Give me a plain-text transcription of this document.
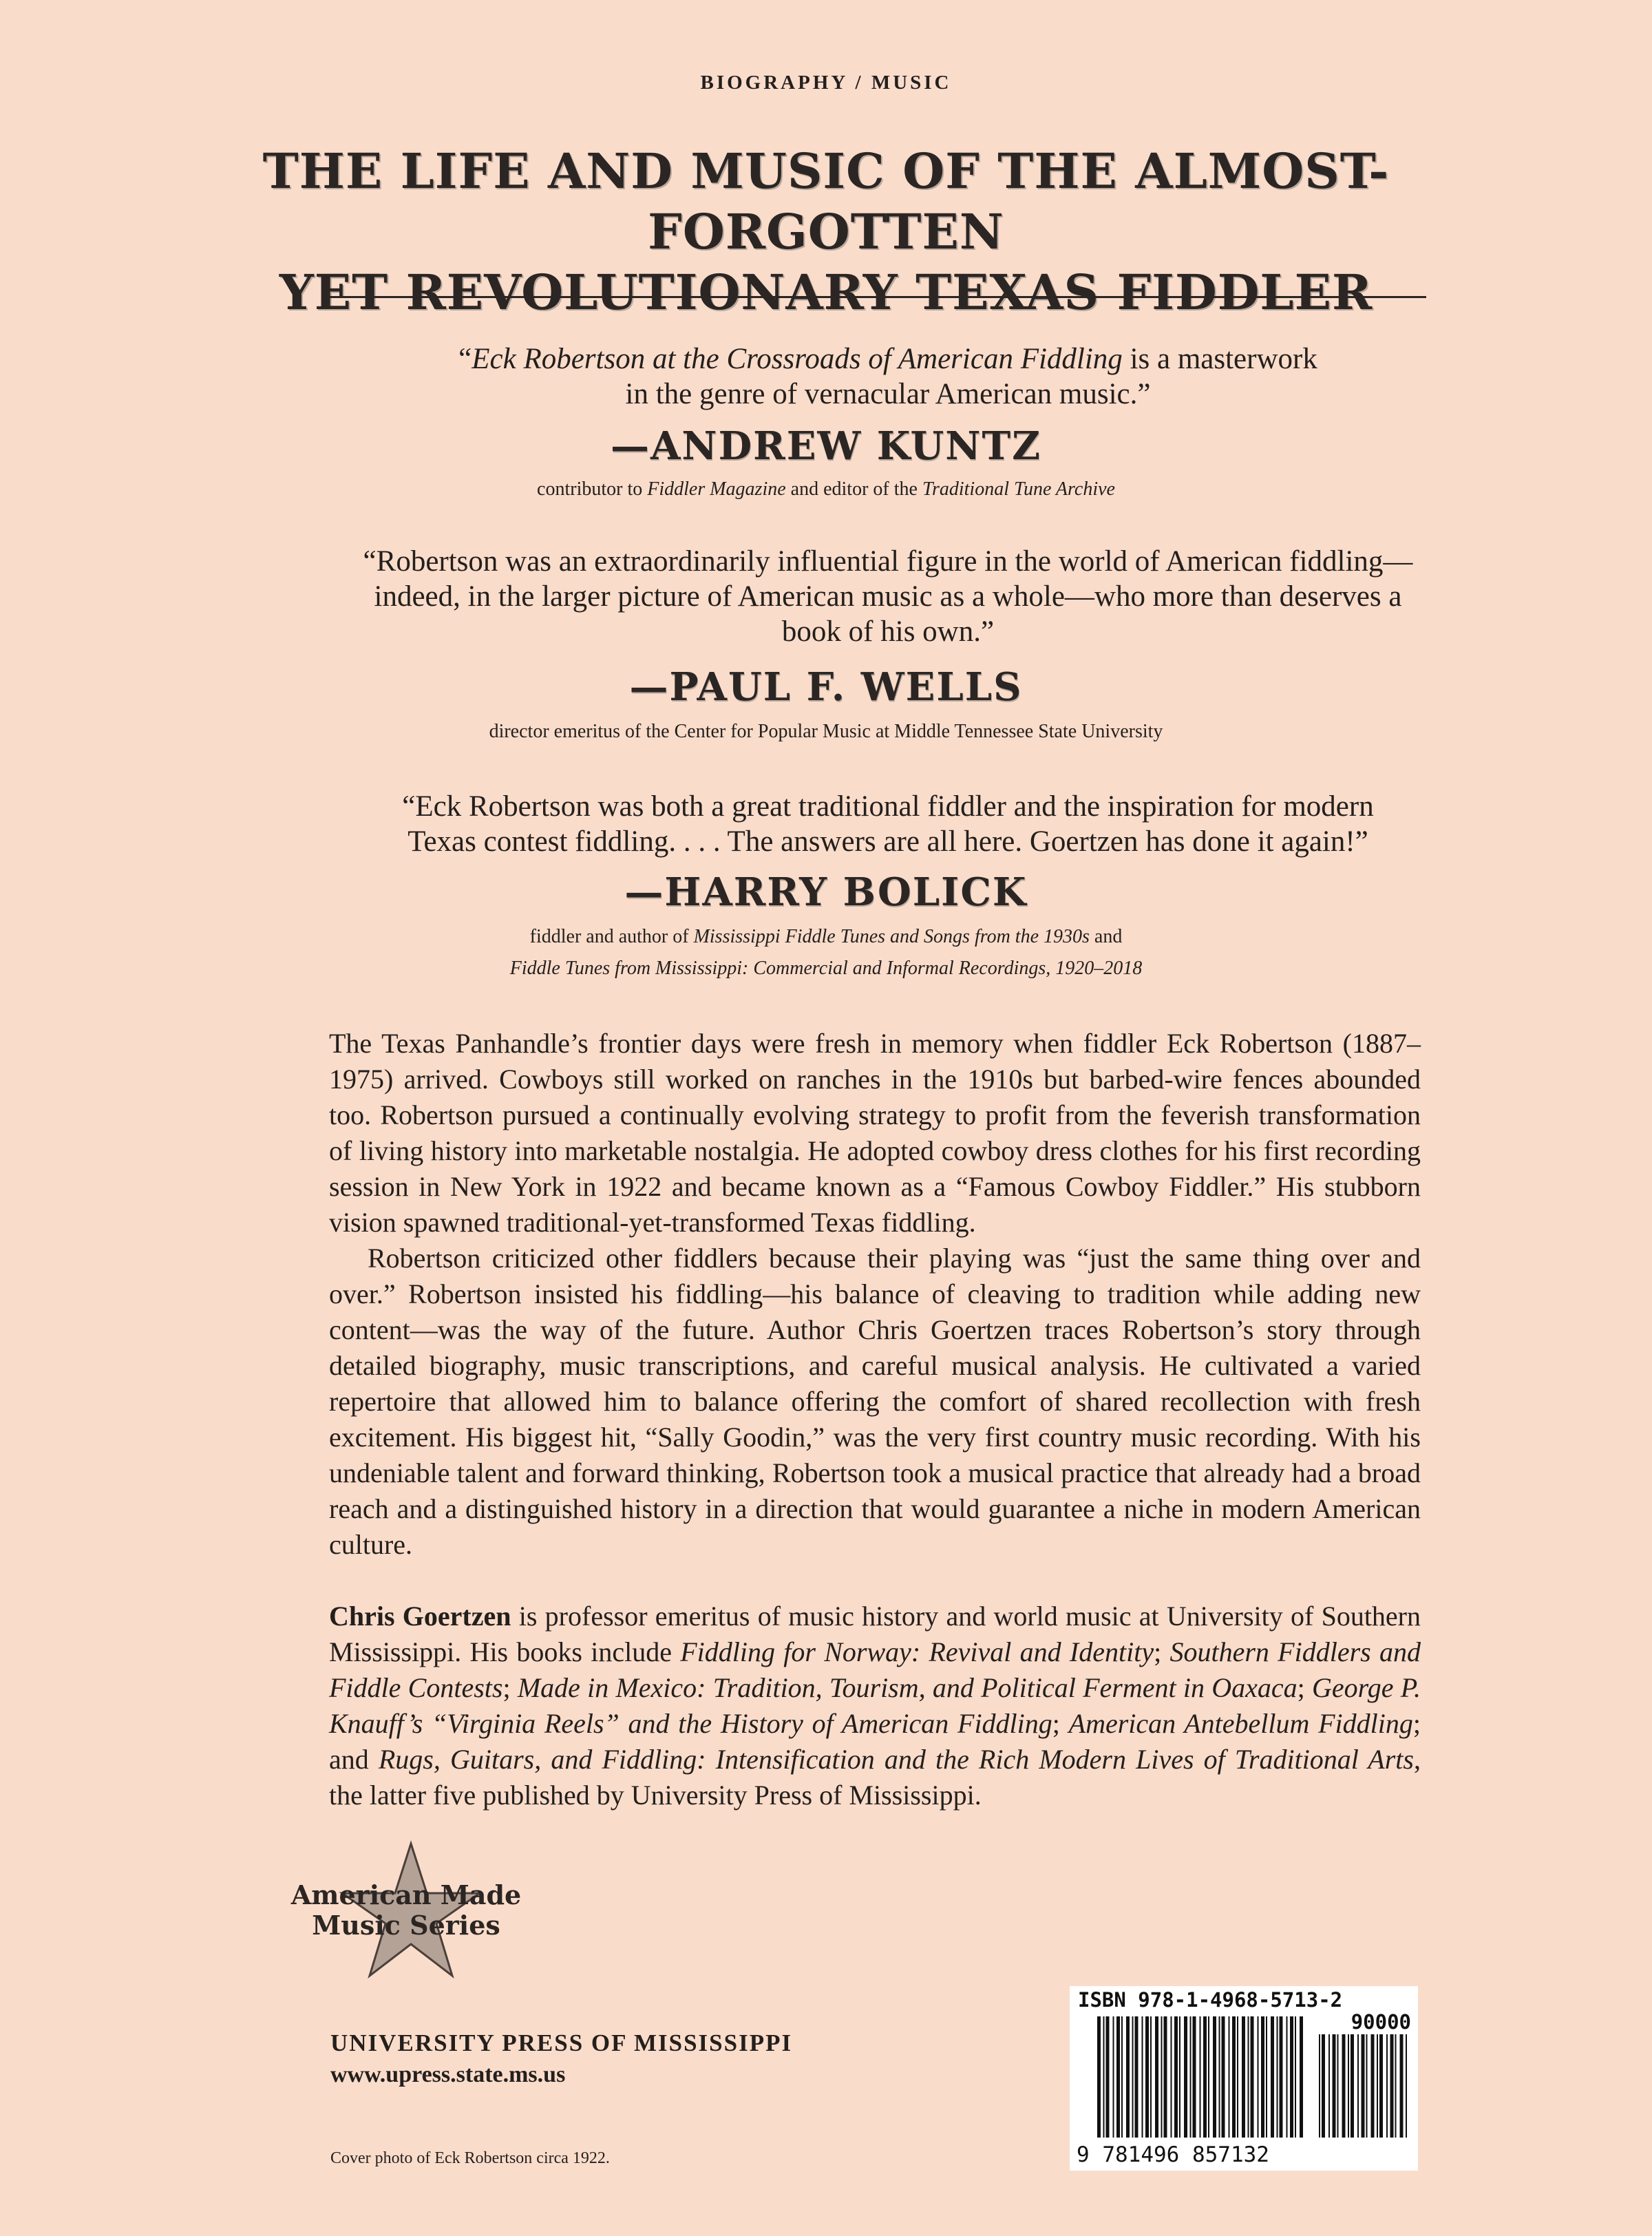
BIOGRAPHY / MUSIC
THE LIFE AND MUSIC OF THE ALMOST-FORGOTTEN
YET REVOLUTIONARY TEXAS FIDDLER
“Eck Robertson at the Crossroads of American Fiddling is a masterwork
in the genre of vernacular American music.”
—ANDREW KUNTZ
contributor to Fiddler Magazine and editor of the Traditional Tune Archive
“Robertson was an extraordinarily influential figure in the world of American fiddling—
indeed, in the larger picture of American music as a whole—who more than deserves a
book of his own.”
—PAUL F. WELLS
director emeritus of the Center for Popular Music at Middle Tennessee State University
“Eck Robertson was both a great traditional fiddler and the inspiration for modern
Texas contest fiddling. . . . The answers are all here. Goertzen has done it again!”
—HARRY BOLICK
fiddler and author of Mississippi Fiddle Tunes and Songs from the 1930s and
Fiddle Tunes from Mississippi: Commercial and Informal Recordings, 1920–2018

The Texas Panhandle’s frontier days were fresh in memory when fiddler Eck Robertson (1887–1975) arrived. Cowboys still worked on ranches in the 1910s but barbed-wire fences abounded too. Robertson pursued a continually evolving strategy to profit from the feverish transformation of living history into marketable nostalgia. He adopted cowboy dress clothes for his first recording session in New York in 1922 and became known as a “Famous Cowboy Fiddler.” His stubborn vision spawned traditional-yet-transformed Texas fiddling.

Robertson criticized other fiddlers because their playing was “just the same thing over and over.” Robertson insisted his fiddling—his balance of cleaving to tradition while adding new content—was the way of the future. Author Chris Goertzen traces Robertson’s story through detailed biography, music transcriptions, and careful musical analysis. He cultivated a varied repertoire that allowed him to balance offering the comfort of shared recollection with fresh excitement. His biggest hit, “Sally Goodin,” was the very first country music recording. With his undeniable talent and forward thinking, Robertson took a musical practice that already had a broad reach and a distinguished history in a direction that would guarantee a niche in modern American culture.

Chris Goertzen is professor emeritus of music history and world music at University of Southern Mississippi. His books include Fiddling for Norway: Revival and Identity; Southern Fiddlers and Fiddle Contests; Made in Mexico: Tradition, Tourism, and Political Ferment in Oaxaca; George P. Knauff’s “Virginia Reels” and the History of American Fiddling; American Antebellum Fiddling; and Rugs, Guitars, and Fiddling: Intensification and the Rich Modern Lives of Traditional Arts, the latter five published by University Press of Mississippi.

American Made
Music Series
UNIVERSITY PRESS OF MISSISSIPPI
www.upress.state.ms.us
Cover photo of Eck Robertson circa 1922.
ISBN 978-1-4968-5713-2
90000
9 781496 857132
